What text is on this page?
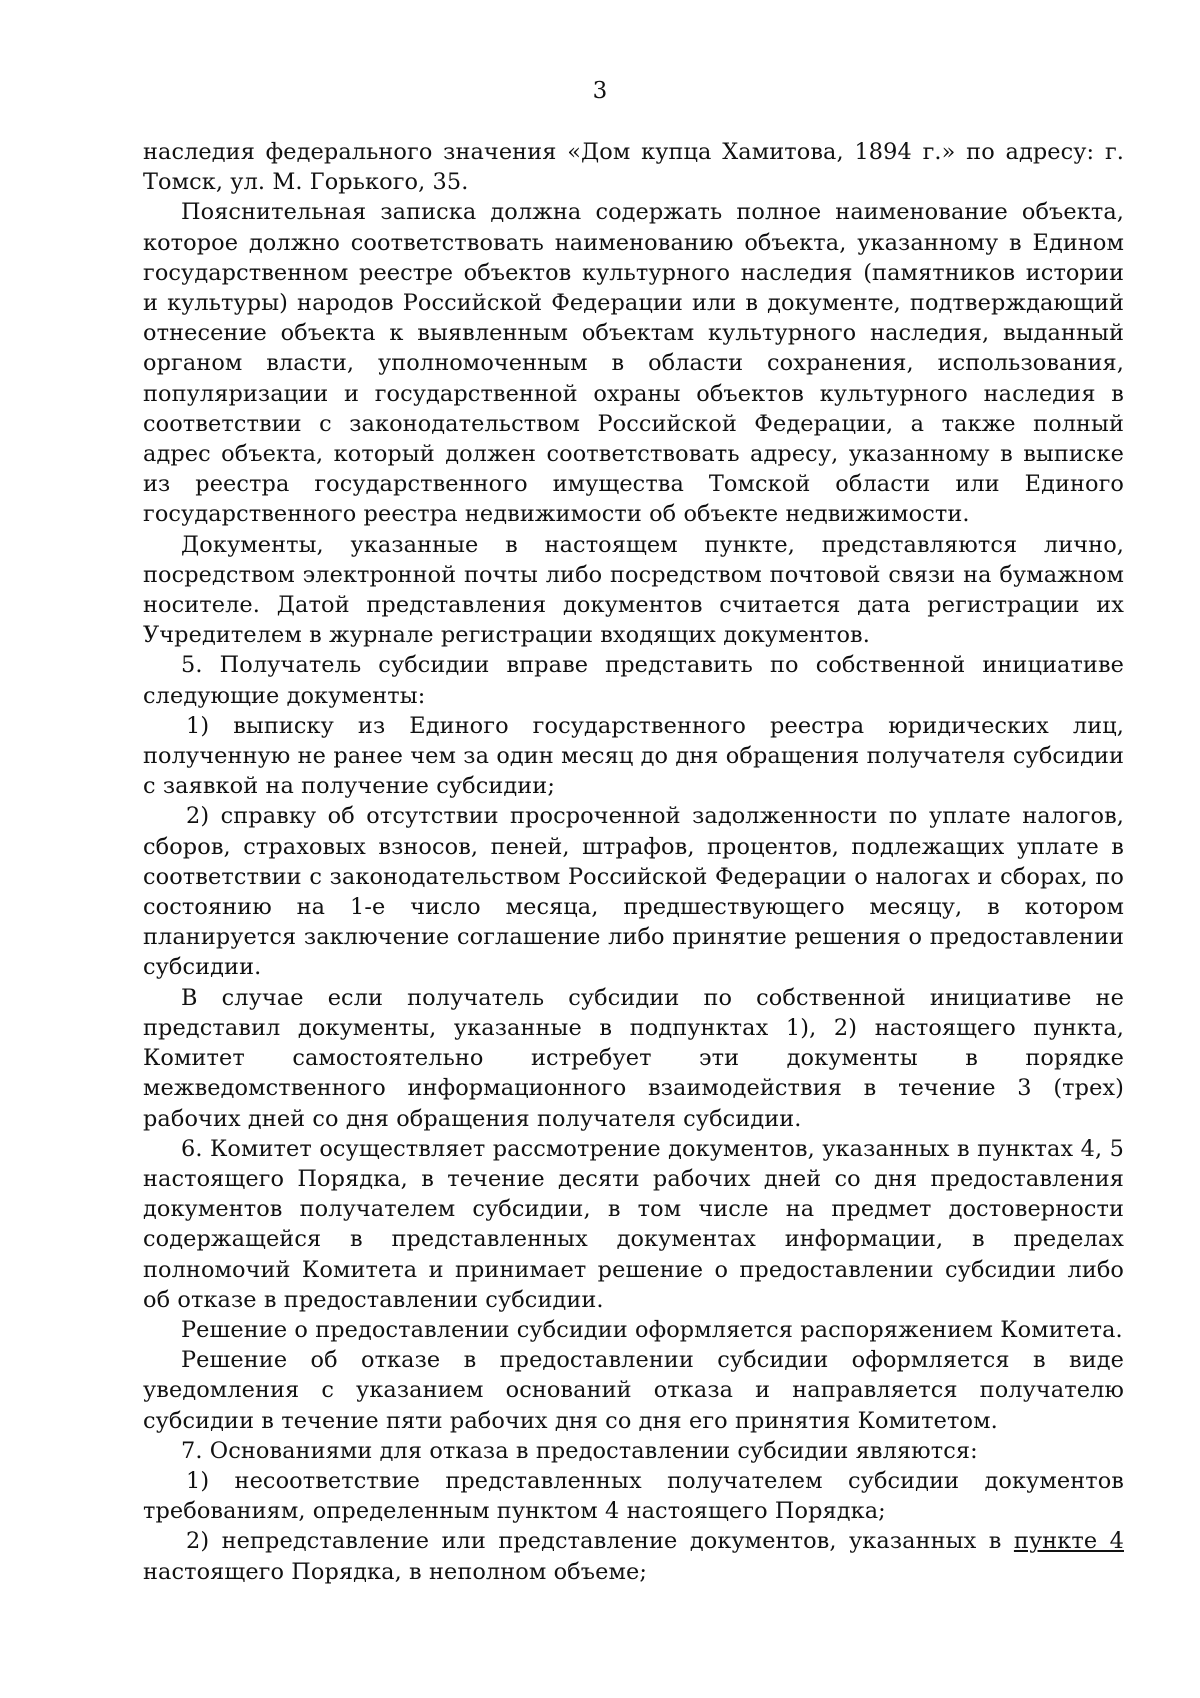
3

наследия федерального значения «Дом купца Хамитова, 1894 г.» по адресу: г. Томск, ул. М. Горького, 35.

Пояснительная записка должна содержать полное наименование объекта, которое должно соответствовать наименованию объекта, указанному в Едином государственном реестре объектов культурного наследия (памятников истории и культуры) народов Российской Федерации или в документе, подтверждающий отнесение объекта к выявленным объектам культурного наследия, выданный органом власти, уполномоченным в области сохранения, использования, популяризации и государственной охраны объектов культурного наследия в соответствии с законодательством Российской Федерации, а также полный адрес объекта, который должен соответствовать адресу, указанному в выписке из реестра государственного имущества Томской области или Единого государственного реестра недвижимости об объекте недвижимости.

Документы, указанные в настоящем пункте, представляются лично, посредством электронной почты либо посредством почтовой связи на бумажном носителе. Датой представления документов считается дата регистрации их Учредителем в журнале регистрации входящих документов.

5. Получатель субсидии вправе представить по собственной инициативе следующие документы:

1) выписку из Единого государственного реестра юридических лиц, полученную не ранее чем за один месяц до дня обращения получателя субсидии с заявкой на получение субсидии;

2) справку об отсутствии просроченной задолженности по уплате налогов, сборов, страховых взносов, пеней, штрафов, процентов, подлежащих уплате в соответствии с законодательством Российской Федерации о налогах и сборах, по состоянию на 1-е число месяца, предшествующего месяцу, в котором планируется заключение соглашение либо принятие решения о предоставлении субсидии.

В случае если получатель субсидии по собственной инициативе не представил документы, указанные в подпунктах 1), 2) настоящего пункта, Комитет самостоятельно истребует эти документы в порядке межведомственного информационного взаимодействия в течение 3 (трех) рабочих дней со дня обращения получателя субсидии.

6. Комитет осуществляет рассмотрение документов, указанных в пунктах 4, 5 настоящего Порядка, в течение десяти рабочих дней со дня предоставления документов получателем субсидии, в том числе на предмет достоверности содержащейся в представленных документах информации, в пределах полномочий Комитета и принимает решение о предоставлении субсидии либо об отказе в предоставлении субсидии.

Решение о предоставлении субсидии оформляется распоряжением Комитета.

Решение об отказе в предоставлении субсидии оформляется в виде уведомления с указанием оснований отказа и направляется получателю субсидии в течение пяти рабочих дня со дня его принятия Комитетом.

7. Основаниями для отказа в предоставлении субсидии являются:

1) несоответствие представленных получателем субсидии документов требованиям, определенным пунктом 4 настоящего Порядка;

2) непредставление или представление документов, указанных в пункте 4 настоящего Порядка, в неполном объеме;
